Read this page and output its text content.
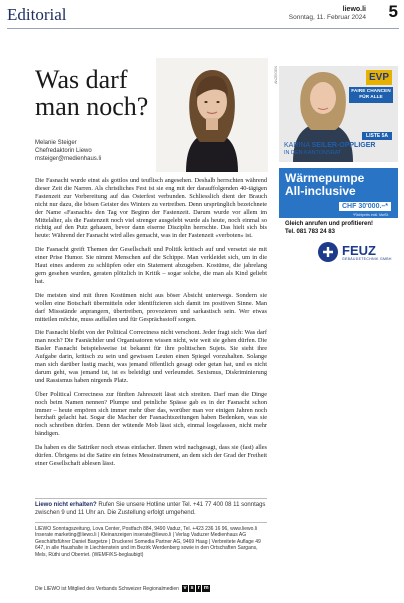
Editorial	liewo.li
Sonntag, 11. Februar 2024 5
Was darf
man noch?
Melanie Steiger
Chefredaktorin Liewo
msteiger@medienhaus.li

Die Fasnacht wurde einst als gottlos und teuflisch angesehen. Deshalb herrschten während dieser Zeit die Narren. Als christliches Fest ist sie eng mit der darauffolgenden 40-tägigen Fastenzeit zur Vorbereitung auf das Osterfest verbunden. Schliesslich dient der Brauch nicht nur dazu, die bösen Geister des Winters zu vertreiben. Denn ursprünglich bezeichnete der Name «Fasnacht» den Tag vor Beginn der Fastenzeit. Darum wurde vor allem im Mittelalter, als die Fastenzeit noch viel strenger ausgelebt wurde als heute, noch einmal so richtig auf den Putz gehauen, bevor dann eiserne Disziplin herrschte. Das hielt sich bis heute: Während der Fasnacht wird alles gemacht, was in der Fastenzeit «verboten» ist.

Die Fasnacht greift Themen der Gesellschaft und Politik kritisch auf und versetzt sie mit einer Prise Humor. Sie nimmt Menschen auf die Schippe. Man verkleidet sich, um in die Haut eines anderen zu schlüpfen oder ein Statement abzugeben. Kostüme, die jahrelang gern gesehen wurden, geraten plötzlich in Kritik – sogar solche, die man als Kind geliebt hat.

Die meisten sind mit ihren Kostümen nicht aus böser Absicht unterwegs. Sondern sie wollen eine Botschaft übermitteln oder identifizieren sich damit im positiven Sinne. Man darf Missstände anprangern, übertreiben, provozieren und sarkastisch sein. Wer etwas mitteilen möchte, muss auffallen und für Gesprächsstoff sorgen.

Die Fasnacht bleibt von der Political Correctness nicht verschont. Jeder fragt sich: Was darf man noch? Die Fasnächtler und Organisatoren wissen nicht, wie weit sie gehen dürfen. Die Basler Fasnacht beispielsweise ist bekannt für ihre politischen Sujets. Sie sieht ihre Aufgabe darin, kritisch zu sein und gewissen Leuten einen Spiegel vorzuhalten. Solange man sich darüber lustig macht, was jemand öffentlich gesagt oder getan hat, und es nicht darum geht, was jemand ist, ist es beleidigt und verleumdet. Sexismus, Diskriminierung und Rassismus haben nirgends Platz.

Über Political Correctness zur fünften Jahreszeit lässt sich streiten. Darf man die Dinge noch beim Namen nennen? Plumpe und peinliche Spässe gab es in der Fasnacht schon immer – heute empören sich immer mehr über das, worüber man vor einigen Jahren noch herzhaft gelacht hat. Sogar die Macher der Fasnachtszeitungen haben Bedenken, was sie noch schreiben dürfen. Denn der wütende Mob lässt sich, einmal losgelassen, nicht mehr bändigen.

Da haben es die Satiriker noch etwas einfacher. Ihnen wird nachgesagt, dass sie (fast) alles dürfen. Übrigens ist die Satire ein feines Messinstrument, an dem sich der Grad der Freiheit einer Gesellschaft ablesen lässt.

Liewo nicht erhalten? Rufen Sie unsere Hotline unter Tel. +41 77 400 08 11 sonntags zwischen 9 und 11 Uhr an. Die Zustellung erfolgt umgehend.
LIEWO Sonntagszeitung, Lova Center, Postfach 884, 9490 Vaduz, Tel. +423 236 16 96, www.liewo.li
Inserate marketing@liewo.li | Kleinanzeigen inserate@liewo.li | Verlag Vaduzer Medienhaus AG
Geschäftsführer Daniel Bargetze | Druckerei Somedia Partner AG, 9469 Haag | Verbreitete Auflage 49 647, in alle Haushalte in Liechtenstein und im Bezirk Werdenberg sowie in den Ortschaften Sargans, Mels, Rüthi und Oberriet. (WEMF/KS-beglaubigt)
Die LIEWO ist Mitglied des Verbands Schweizer Regionalmedien v s r m
ANZEIGEN	EVP
FAIRE CHANCEN FÜR ALLE
LISTE 5A
KARINA SEILER-OPPLIGER
IN DEN KANTONSRAT
Wärmepumpe
All-inclusive
CHF 30'000.–*
*Richtpreis exkl. MwSt.
Gleich anrufen und profitieren!
Tel. 081 783 24 83
FEUZ
GEBÄUDETECHNIK GMBH
